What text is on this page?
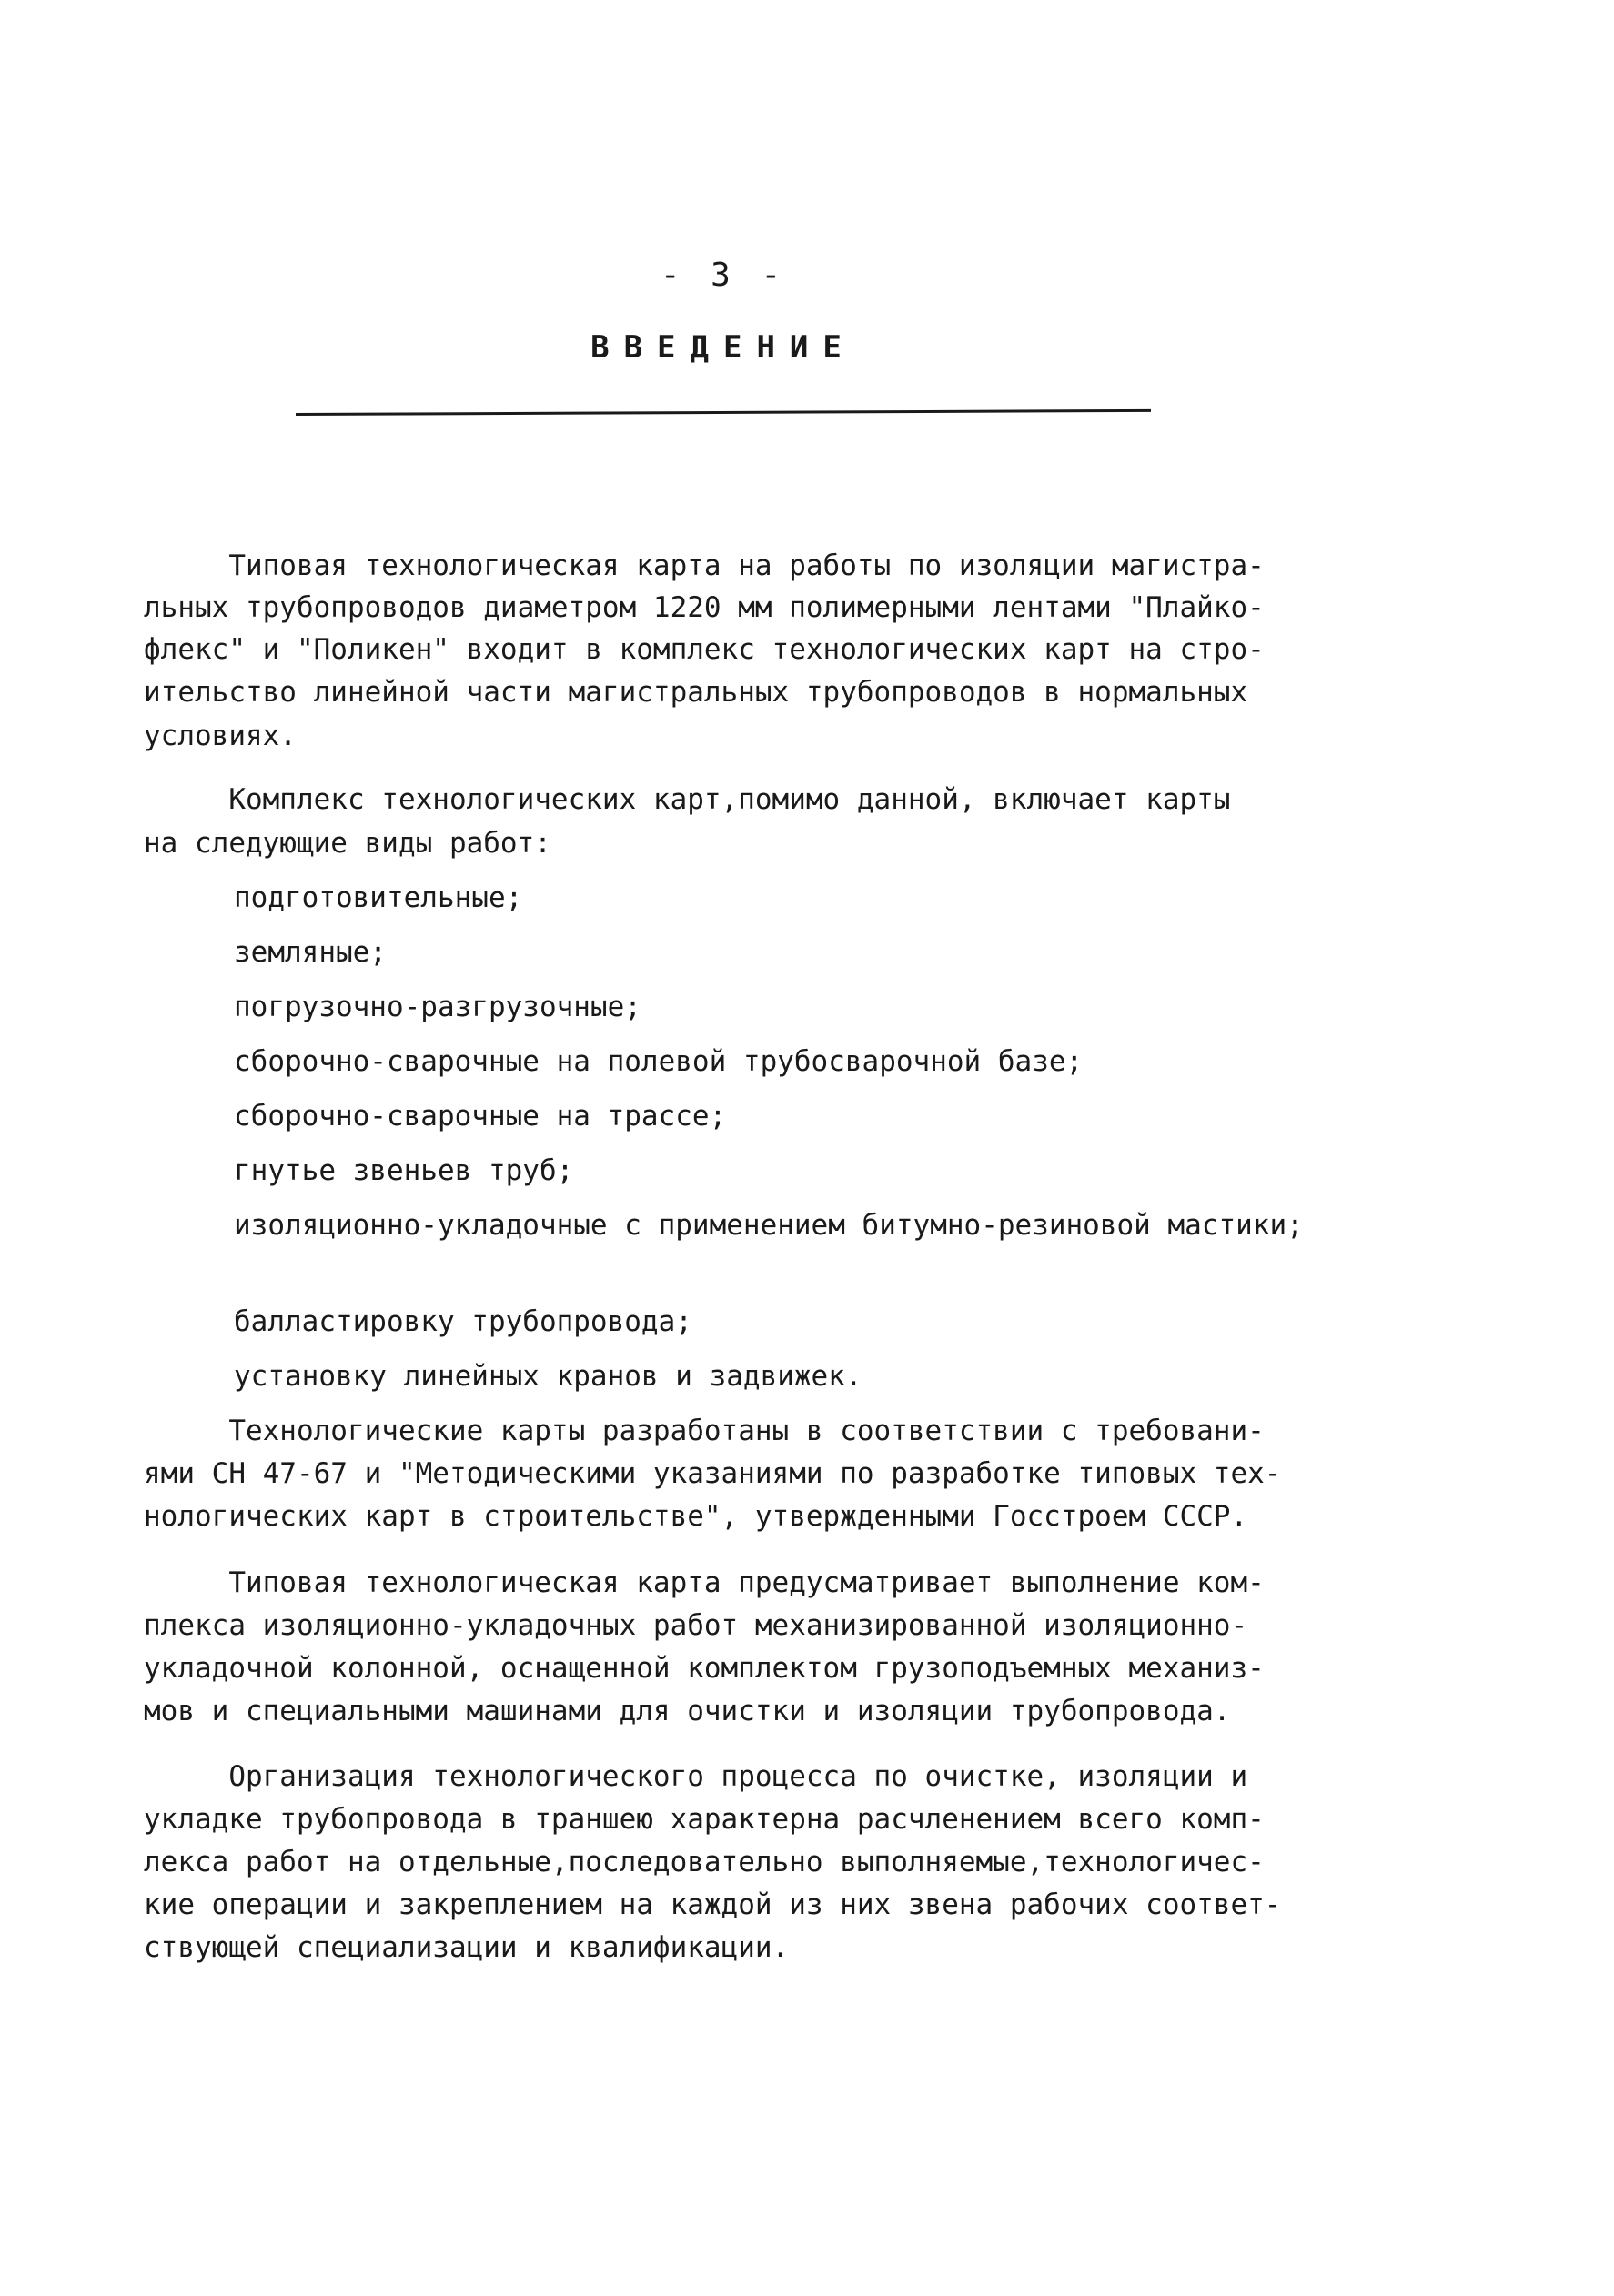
- 3 -
ВВЕДЕНИЕ

Типовая технологическая карта на работы по изоляции магистра-

льных трубопроводов диаметром 1220 мм полимерными лентами "Плайко-

флекс" и "Поликен" входит в комплекс технологических карт на стро-

ительство линейной части магистральных трубопроводов в нормальных

условиях.

Комплекс технологических карт,помимо данной, включает карты

на следующие виды работ:

подготовительные;

земляные;

погрузочно-разгрузочные;

сборочно-сварочные на полевой трубосварочной базе;

сборочно-сварочные на трассе;

гнутье звеньев труб;

изоляционно-укладочные с применением битумно-резиновой мастики;

балластировку трубопровода;

установку линейных кранов и задвижек.

Технологические карты разработаны в соответствии с требовани-

ями СН 47-67 и "Методическими указаниями по разработке типовых тех-

нологических карт в строительстве", утвержденными Госстроем СССР.

Типовая технологическая карта предусматривает выполнение ком-

плекса изоляционно-укладочных работ механизированной изоляционно-

укладочной колонной, оснащенной комплектом грузоподъемных механиз-

мов и специальными машинами для очистки и изоляции трубопровода.

Организация технологического процесса по очистке, изоляции и

укладке трубопровода в траншею характерна расчленением всего комп-

лекса работ на отдельные,последовательно выполняемые,технологичес-

кие операции и закреплением на каждой из них звена рабочих соответ-

ствующей специализации и квалификации.
